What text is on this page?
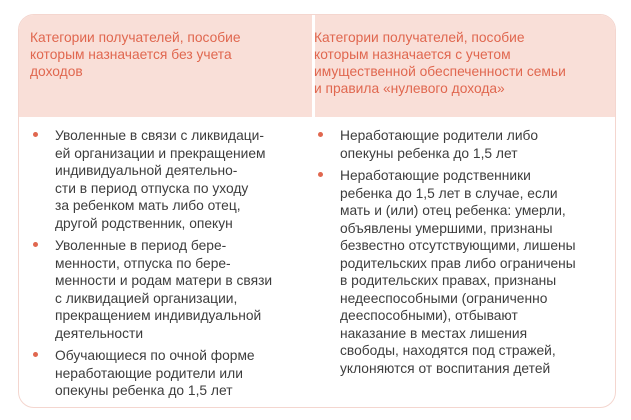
Категории получателей, пособие
которым назначается без учета
доходов
Категории получателей, пособие
которым назначается с учетом
имущественной обеспеченности семьи
и правила «нулевого дохода»
Уволенные в связи с ликвидаци-
ей организации и прекращением
индивидуальной деятельно-
сти в период отпуска по уходу
за ребенком мать либо отец,
другой родственник, опекун
Уволенные в период бере-
менности, отпуска по бере-
менности и родам матери в связи
с ликвидацией организации,
прекращением индивидуальной
деятельности
Обучающиеся по очной форме
неработающие родители или
опекуны ребенка до 1,5 лет
Неработающие родители либо
опекуны ребенка до 1,5 лет
Неработающие родственники
ребенка до 1,5 лет в случае, если
мать и (или) отец ребенка: умерли,
объявлены умершими, признаны
безвестно отсутствующими, лишены
родительских прав либо ограничены
в родительских правах, признаны
недееспособными (ограниченно
дееспособными), отбывают
наказание в местах лишения
свободы, находятся под стражей,
уклоняются от воспитания детей
